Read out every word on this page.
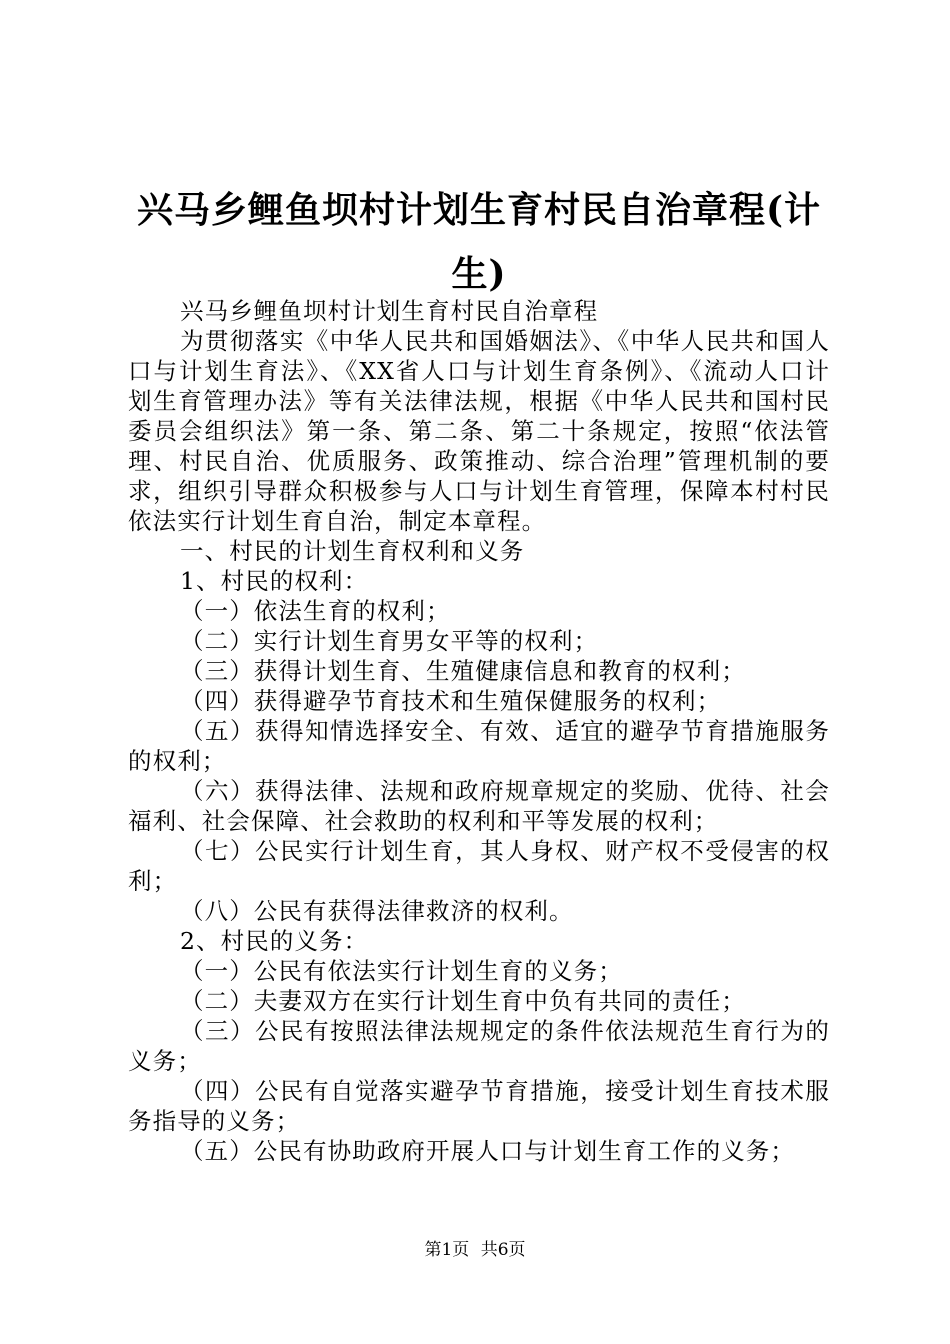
兴马乡鲤鱼坝村计划生育村民自治章程(计生)

兴马乡鲤鱼坝村计划生育村民自治章程

为贯彻落实《中华人民共和国婚姻法》、《中华人民共和国人口与计划生育法》、《XX省人口与计划生育条例》、《流动人口计划生育管理办法》等有关法律法规，根据《中华人民共和国村民委员会组织法》第一条、第二条、第二十条规定，按照“依法管理、村民自治、优质服务、政策推动、综合治理”管理机制的要求，组织引导群众积极参与人口与计划生育管理，保障本村村民依法实行计划生育自治，制定本章程。

一、村民的计划生育权利和义务

1、村民的权利：

（一）依法生育的权利；

（二）实行计划生育男女平等的权利；

（三）获得计划生育、生殖健康信息和教育的权利；

（四）获得避孕节育技术和生殖保健服务的权利；

（五）获得知情选择安全、有效、适宜的避孕节育措施服务的权利；

（六）获得法律、法规和政府规章规定的奖励、优待、社会福利、社会保障、社会救助的权利和平等发展的权利；

（七）公民实行计划生育，其人身权、财产权不受侵害的权利；

（八）公民有获得法律救济的权利。

2、村民的义务：

（一）公民有依法实行计划生育的义务；

（二）夫妻双方在实行计划生育中负有共同的责任；

（三）公民有按照法律法规规定的条件依法规范生育行为的义务；

（四）公民有自觉落实避孕节育措施，接受计划生育技术服务指导的义务；

（五）公民有协助政府开展人口与计划生育工作的义务；

第1页 共6页
